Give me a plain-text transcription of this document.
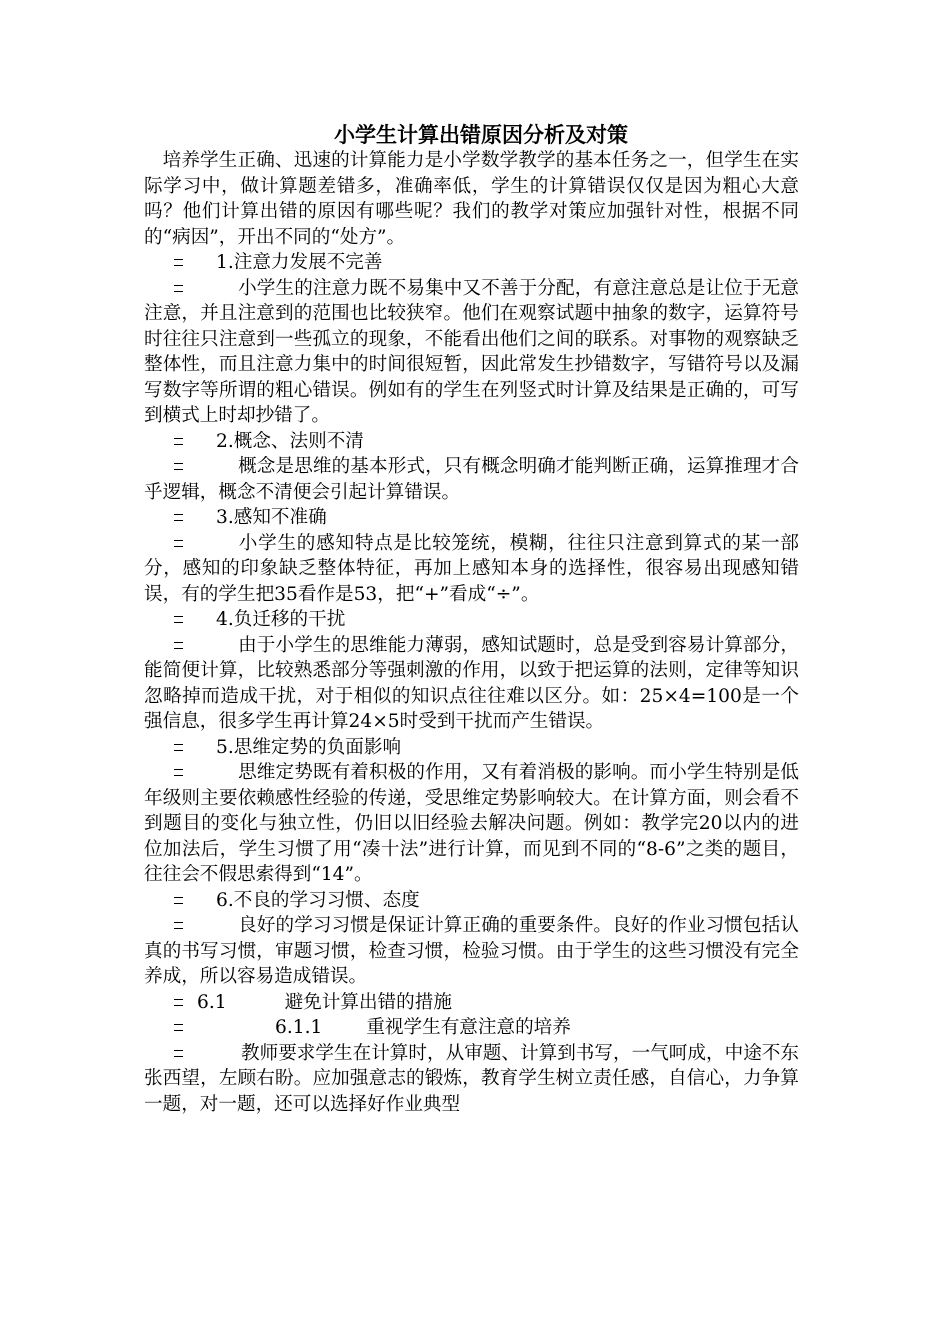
小学生计算出错原因分析及对策
培养学生正确、迅速的计算能力是小学数学教学的基本任务之一，但学生在实际学习中，做计算题差错多，准确率低，学生的计算错误仅仅是因为粗心大意吗？他们计算出错的原因有哪些呢？我们的教学对策应加强针对性，根据不同的“病因”，开出不同的“处方”。
1.注意力发展不完善
小学生的注意力既不易集中又不善于分配，有意注意总是让位于无意注意，并且注意到的范围也比较狭窄。他们在观察试题中抽象的数字，运算符号时往往只注意到一些孤立的现象，不能看出他们之间的联系。对事物的观察缺乏整体性，而且注意力集中的时间很短暂，因此常发生抄错数字，写错符号以及漏写数字等所谓的粗心错误。例如有的学生在列竖式时计算及结果是正确的，可写到横式上时却抄错了。
2.概念、法则不清
概念是思维的基本形式，只有概念明确才能判断正确，运算推理才合乎逻辑，概念不清便会引起计算错误。
3.感知不准确
小学生的感知特点是比较笼统，模糊，往往只注意到算式的某一部分，感知的印象缺乏整体特征，再加上感知本身的选择性，很容易出现感知错误，有的学生把35看作是53，把“+”看成“÷”。
4.负迁移的干扰
由于小学生的思维能力薄弱，感知试题时，总是受到容易计算部分，能简便计算，比较熟悉部分等强刺激的作用，以致于把运算的法则，定律等知识忽略掉而造成干扰，对于相似的知识点往往难以区分。如：25×4=100是一个强信息，很多学生再计算24×5时受到干扰而产生错误。
5.思维定势的负面影响
思维定势既有着积极的作用，又有着消极的影响。而小学生特别是低年级则主要依赖感性经验的传递，受思维定势影响较大。在计算方面，则会看不到题目的变化与独立性，仍旧以旧经验去解决问题。例如：教学完20以内的进位加法后，学生习惯了用“凑十法”进行计算，而见到不同的“8-6”之类的题目，往往会不假思索得到“14”。
6.不良的学习习惯、态度
良好的学习习惯是保证计算正确的重要条件。良好的作业习惯包括认真的书写习惯，审题习惯，检查习惯，检验习惯。由于学生的这些习惯没有完全养成，所以容易造成错误。
6.1	避免计算出错的措施
6.1.1 重视学生有意注意的培养
教师要求学生在计算时，从审题、计算到书写，一气呵成，中途不东张西望，左顾右盼。应加强意志的锻炼，教育学生树立责任感，自信心，力争算一题，对一题，还可以选择好作业典型
